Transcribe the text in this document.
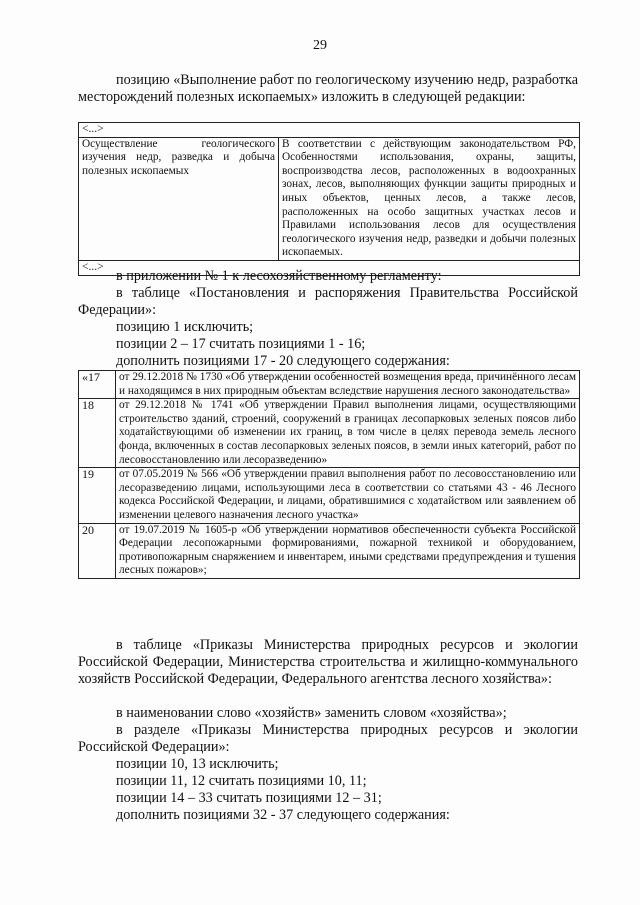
29
позицию «Выполнение работ по геологическому изучению недр, разработка месторождений полезных ископаемых» изложить в следующей редакции:
<...>
Осуществление геологического изучения недр, разведка и добыча полезных ископаемых	В соответствии с действующим законодательством РФ, Особенностями использования, охраны, защиты, воспроизводства лесов, расположенных в водоохранных зонах, лесов, выполняющих функции защиты природных и иных объектов, ценных лесов, а также лесов, расположенных на особо защитных участках лесов и Правилами использования лесов для осуществления геологического изучения недр, разведки и добычи полезных ископаемых.
<...>
в приложении № 1 к лесохозяйственному регламенту:
в таблице «Постановления и распоряжения Правительства Российской Федерации»:
позицию 1 исключить;
позиции 2 – 17 считать позициями 1 - 16;
дополнить позициями 17 - 20 следующего содержания:
«17	от 29.12.2018 № 1730 «Об утверждении особенностей возмещения вреда, причинённого лесам и находящимся в них природным объектам вследствие нарушения лесного законодательства»
18	от 29.12.2018 № 1741 «Об утверждении Правил выполнения лицами, осуществляющими строительство зданий, строений, сооружений в границах лесопарковых зеленых поясов либо ходатайствующими об изменении их границ, в том числе в целях перевода земель лесного фонда, включенных в состав лесопарковых зеленых поясов, в земли иных категорий, работ по лесовосстановлению или лесоразведению»
19	от 07.05.2019 № 566 «Об утверждении правил выполнения работ по лесовосстановлению или лесоразведению лицами, использующими леса в соответствии со статьями 43 - 46 Лесного кодекса Российской Федерации, и лицами, обратившимися с ходатайством или заявлением об изменении целевого назначения лесного участка»
20	от 19.07.2019 № 1605-р «Об утверждении нормативов обеспеченности субъекта Российской Федерации лесопожарными формированиями, пожарной техникой и оборудованием, противопожарным снаряжением и инвентарем, иными средствами предупреждения и тушения лесных пожаров»;
в таблице «Приказы Министерства природных ресурсов и экологии Российской Федерации, Министерства строительства и жилищно-коммунального хозяйств Российской Федерации, Федерального агентства лесного хозяйства»:
в наименовании слово «хозяйств» заменить словом «хозяйства»;
в разделе «Приказы Министерства природных ресурсов и экологии Российской Федерации»:
позиции 10, 13 исключить;
позиции 11, 12 считать позициями 10, 11;
позиции 14 – 33 считать позициями 12 – 31;
дополнить позициями 32 - 37 следующего содержания:
